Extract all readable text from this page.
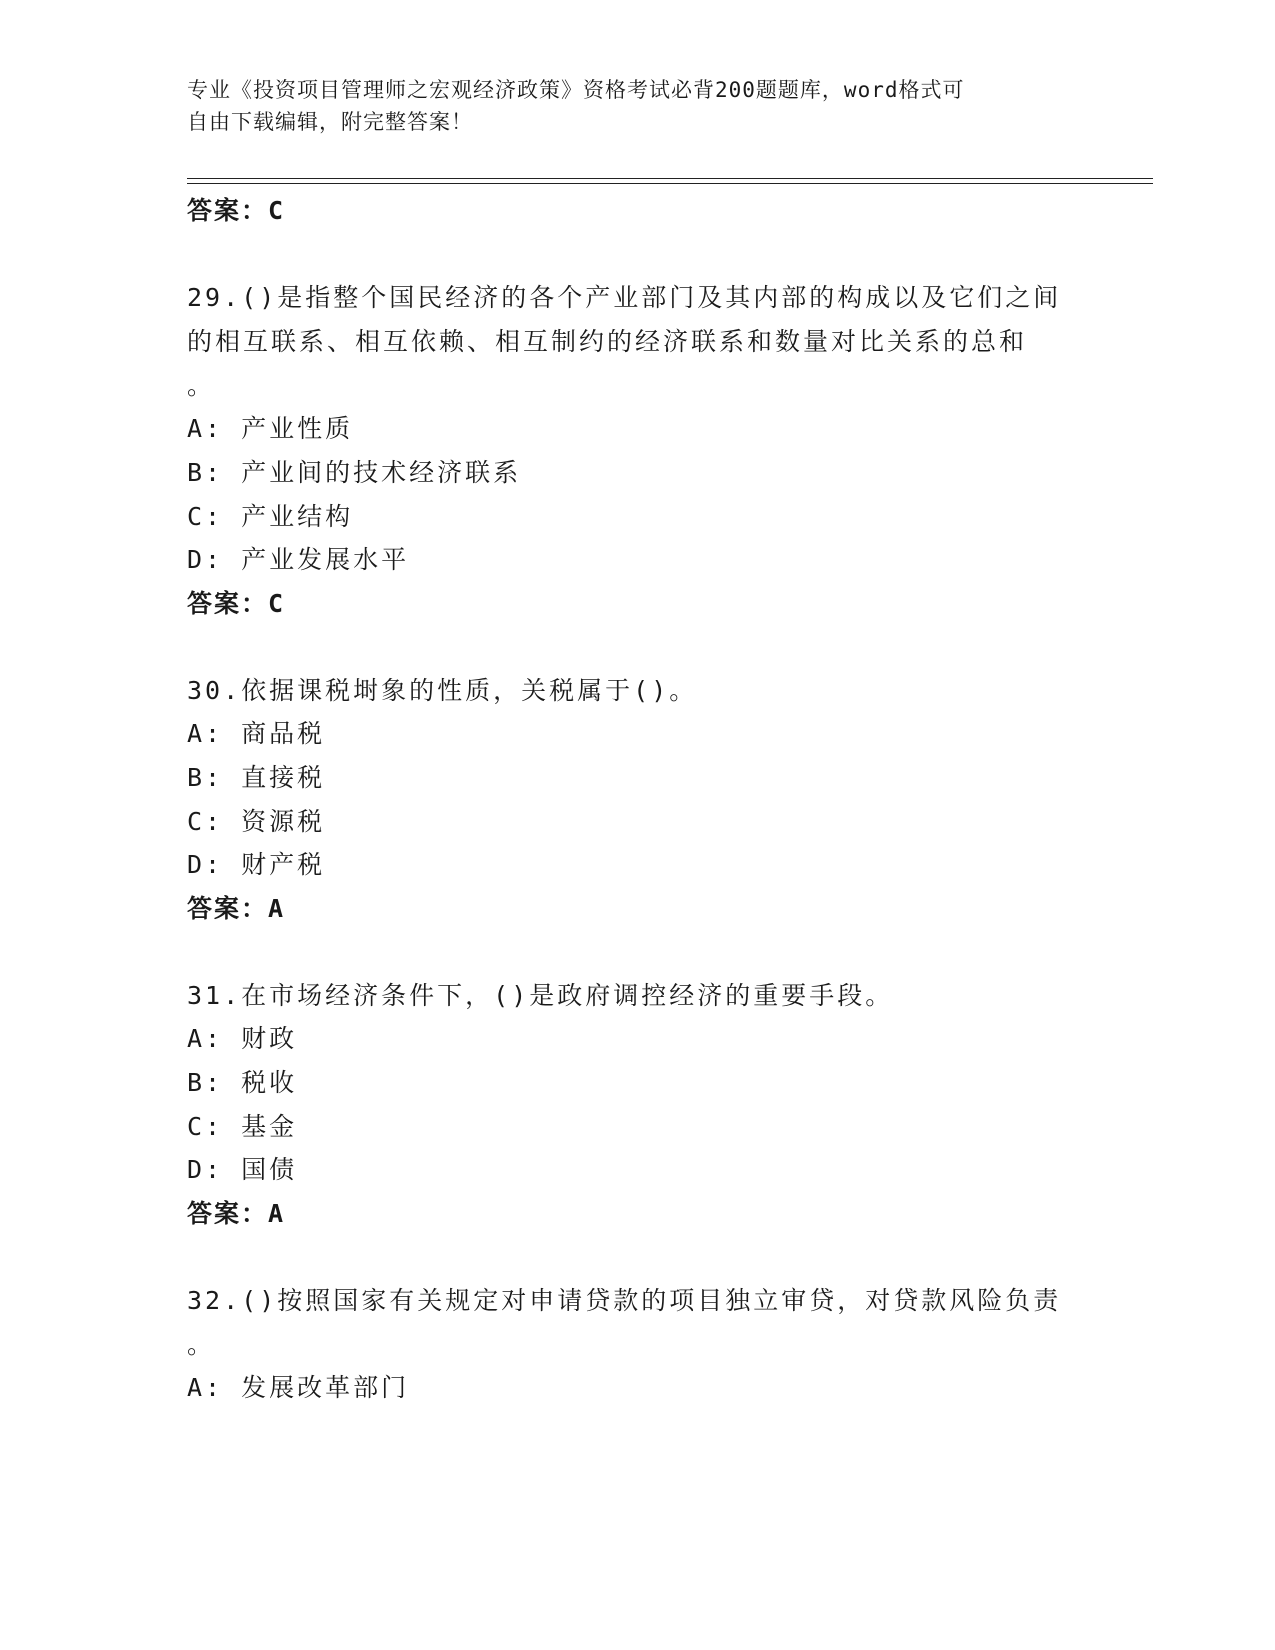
专业《投资项目管理师之宏观经济政策》资格考试必背200题题库，word格式可
自由下载编辑，附完整答案！
答案：C
29.()是指整个国民经济的各个产业部门及其内部的构成以及它们之间
的相互联系、相互依赖、相互制约的经济联系和数量对比关系的总和
。
A: 产业性质
B: 产业间的技术经济联系
C: 产业结构
D: 产业发展水平
答案：C
30.依据课税埘象的性质，关税属于()。
A: 商品税
B: 直接税
C: 资源税
D: 财产税
答案：A
31.在市场经济条件下，()是政府调控经济的重要手段。
A: 财政
B: 税收
C: 基金
D: 国债
答案：A
32.()按照国家有关规定对申请贷款的项目独立审贷，对贷款风险负责
。
A: 发展改革部门
